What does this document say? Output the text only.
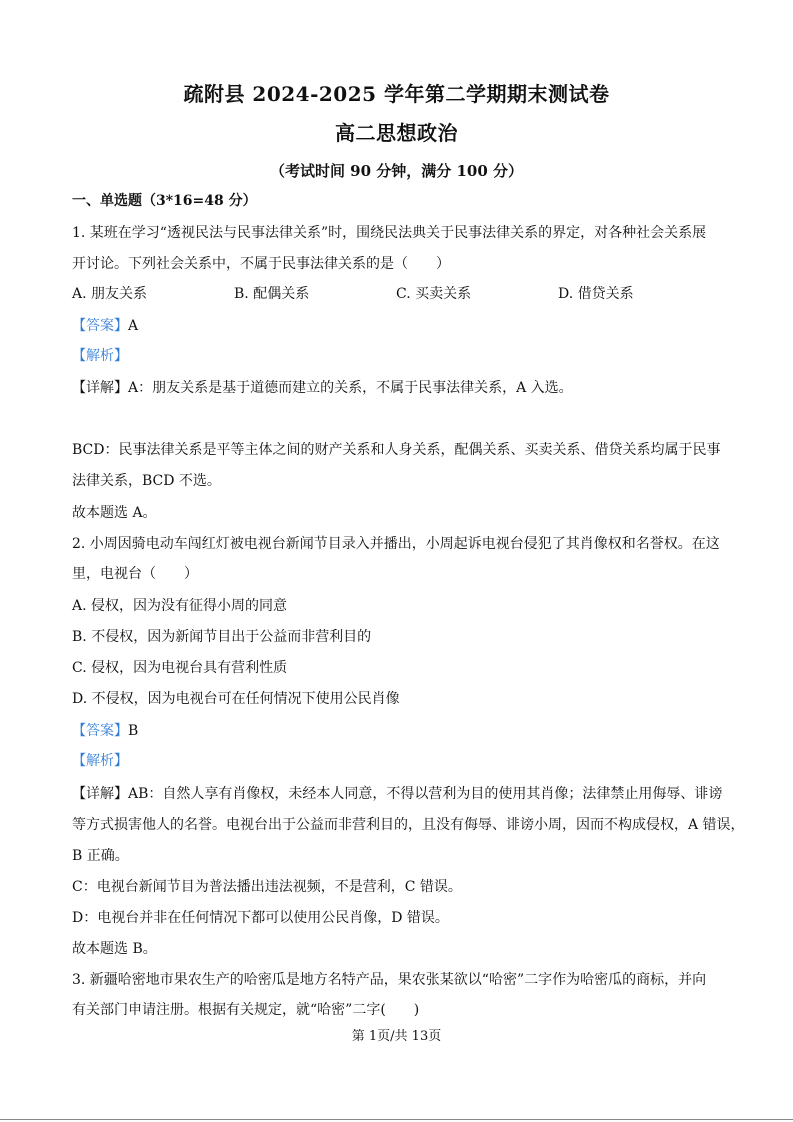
疏附县 2024-2025 学年第二学期期末测试卷
高二思想政治
（考试时间 90 分钟，满分 100 分）
一、单选题（3*16=48 分）
1. 某班在学习“透视民法与民事法律关系”时，围绕民法典关于民事法律关系的界定，对各种社会关系展
开讨论。下列社会关系中，不属于民事法律关系的是（　　）
A. 朋友关系	B. 配偶关系	C. 买卖关系	D. 借贷关系
【答案】A
【解析】
【详解】A：朋友关系是基于道德而建立的关系，不属于民事法律关系，A 入选。
BCD：民事法律关系是平等主体之间的财产关系和人身关系，配偶关系、买卖关系、借贷关系均属于民事
法律关系，BCD 不选。
故本题选 A。
2. 小周因骑电动车闯红灯被电视台新闻节目录入并播出，小周起诉电视台侵犯了其肖像权和名誉权。在这
里，电视台（　　）
A. 侵权，因为没有征得小周的同意
B. 不侵权，因为新闻节目出于公益而非营利目的
C. 侵权，因为电视台具有营利性质
D. 不侵权，因为电视台可在任何情况下使用公民肖像
【答案】B
【解析】
【详解】AB：自然人享有肖像权，未经本人同意，不得以营利为目的使用其肖像；法律禁止用侮辱、诽谤
等方式损害他人的名誉。电视台出于公益而非营利目的，且没有侮辱、诽谤小周，因而不构成侵权，A 错误，
B 正确。
C：电视台新闻节目为普法播出违法视频，不是营利，C 错误。
D：电视台并非在任何情况下都可以使用公民肖像，D 错误。
故本题选 B。
3. 新疆哈密地市果农生产的哈密瓜是地方名特产品，果农张某欲以“哈密”二字作为哈密瓜的商标，并向
有关部门申请注册。根据有关规定，就“哈密”二字(　　)
第 1页/共 13页
